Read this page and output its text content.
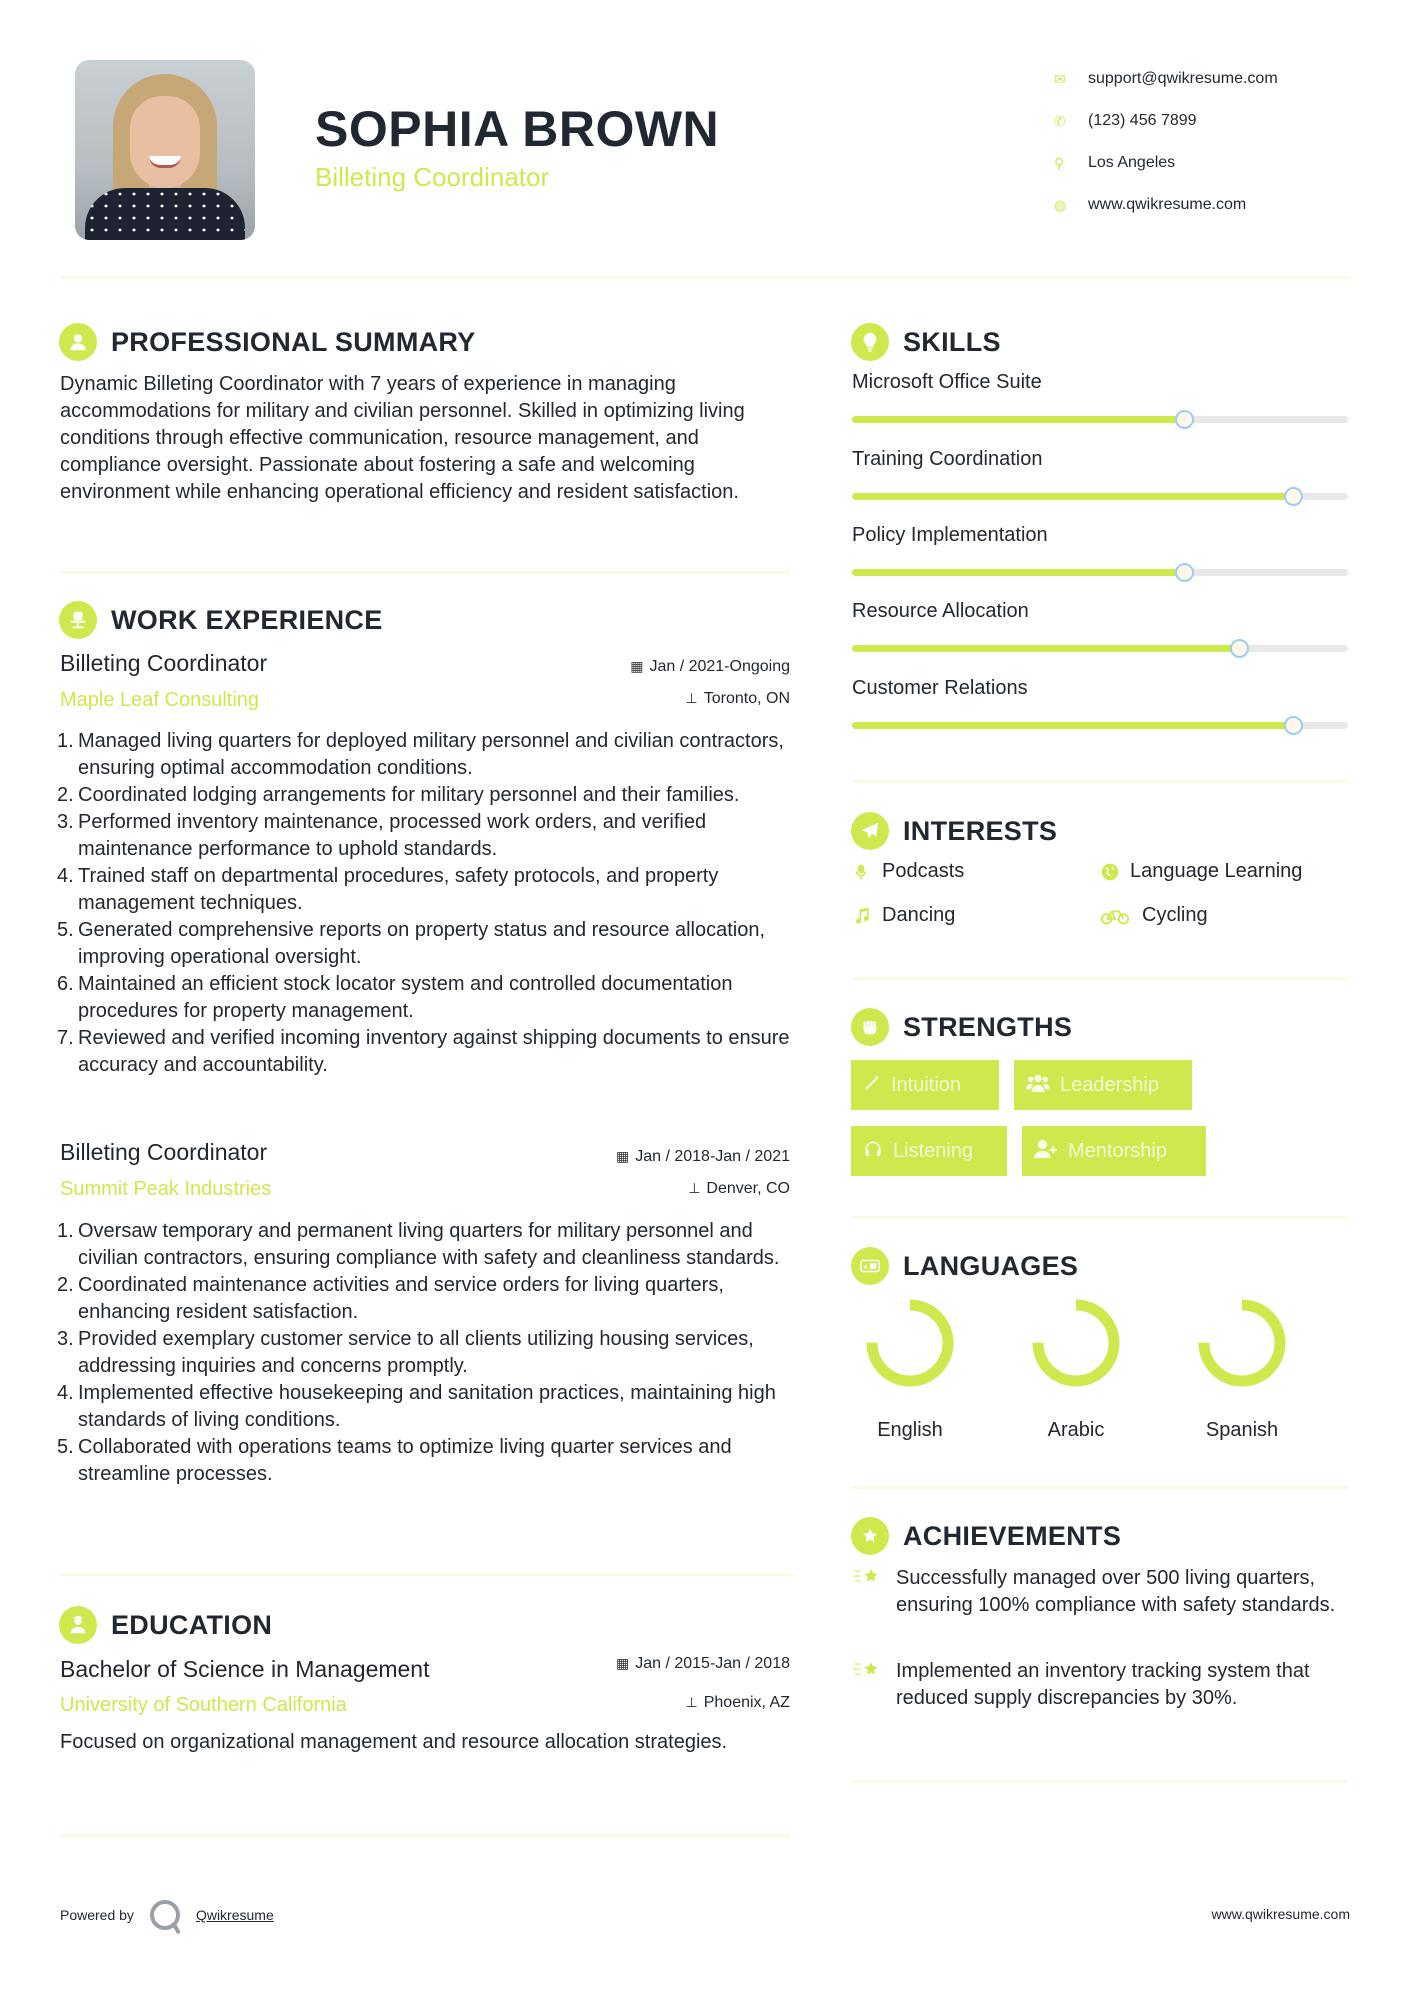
SOPHIA BROWN
Billeting Coordinator
✉	support@qwikresume.com
✆	(123) 456 7899
⚲	Los Angeles
◍	www.qwikresume.com
PROFESSIONAL SUMMARY
Dynamic Billeting Coordinator with 7 years of experience in managing accommodations for military and civilian personnel. Skilled in optimizing living conditions through effective communication, resource management, and compliance oversight. Passionate about fostering a safe and welcoming environment while enhancing operational efficiency and resident satisfaction.
WORK EXPERIENCE
Billeting Coordinator	▦ Jan / 2021-Ongoing
Maple Leaf Consulting	⊥ Toronto, ON
1. Managed living quarters for deployed military personnel and civilian contractors, ensuring optimal accommodation conditions.
2. Coordinated lodging arrangements for military personnel and their families.
3. Performed inventory maintenance, processed work orders, and verified maintenance performance to uphold standards.
4. Trained staff on departmental procedures, safety protocols, and property management techniques.
5. Generated comprehensive reports on property status and resource allocation, improving operational oversight.
6. Maintained an efficient stock locator system and controlled documentation procedures for property management.
7. Reviewed and verified incoming inventory against shipping documents to ensure accuracy and accountability.
Billeting Coordinator	▦ Jan / 2018-Jan / 2021
Summit Peak Industries	⊥ Denver, CO
1. Oversaw temporary and permanent living quarters for military personnel and civilian contractors, ensuring compliance with safety and cleanliness standards.
2. Coordinated maintenance activities and service orders for living quarters, enhancing resident satisfaction.
3. Provided exemplary customer service to all clients utilizing housing services, addressing inquiries and concerns promptly.
4. Implemented effective housekeeping and sanitation practices, maintaining high standards of living conditions.
5. Collaborated with operations teams to optimize living quarter services and streamline processes.
EDUCATION
Bachelor of Science in Management	▦ Jan / 2015-Jan / 2018
University of Southern California	⊥ Phoenix, AZ
Focused on organizational management and resource allocation strategies.
SKILLS
Microsoft Office Suite
Training Coordination
Policy Implementation
Resource Allocation
Customer Relations
INTERESTS
Podcasts	Language Learning
Dancing	Cycling
STRENGTHS
Intuition	Leadership
Listening	Mentorship
A LANGUAGES
English	Arabic	Spanish
ACHIEVEMENTS
Successfully managed over 500 living quarters, ensuring 100% compliance with safety standards.
Implemented an inventory tracking system that reduced supply discrepancies by 30%.
Powered by	Qwikresume	www.qwikresume.com
